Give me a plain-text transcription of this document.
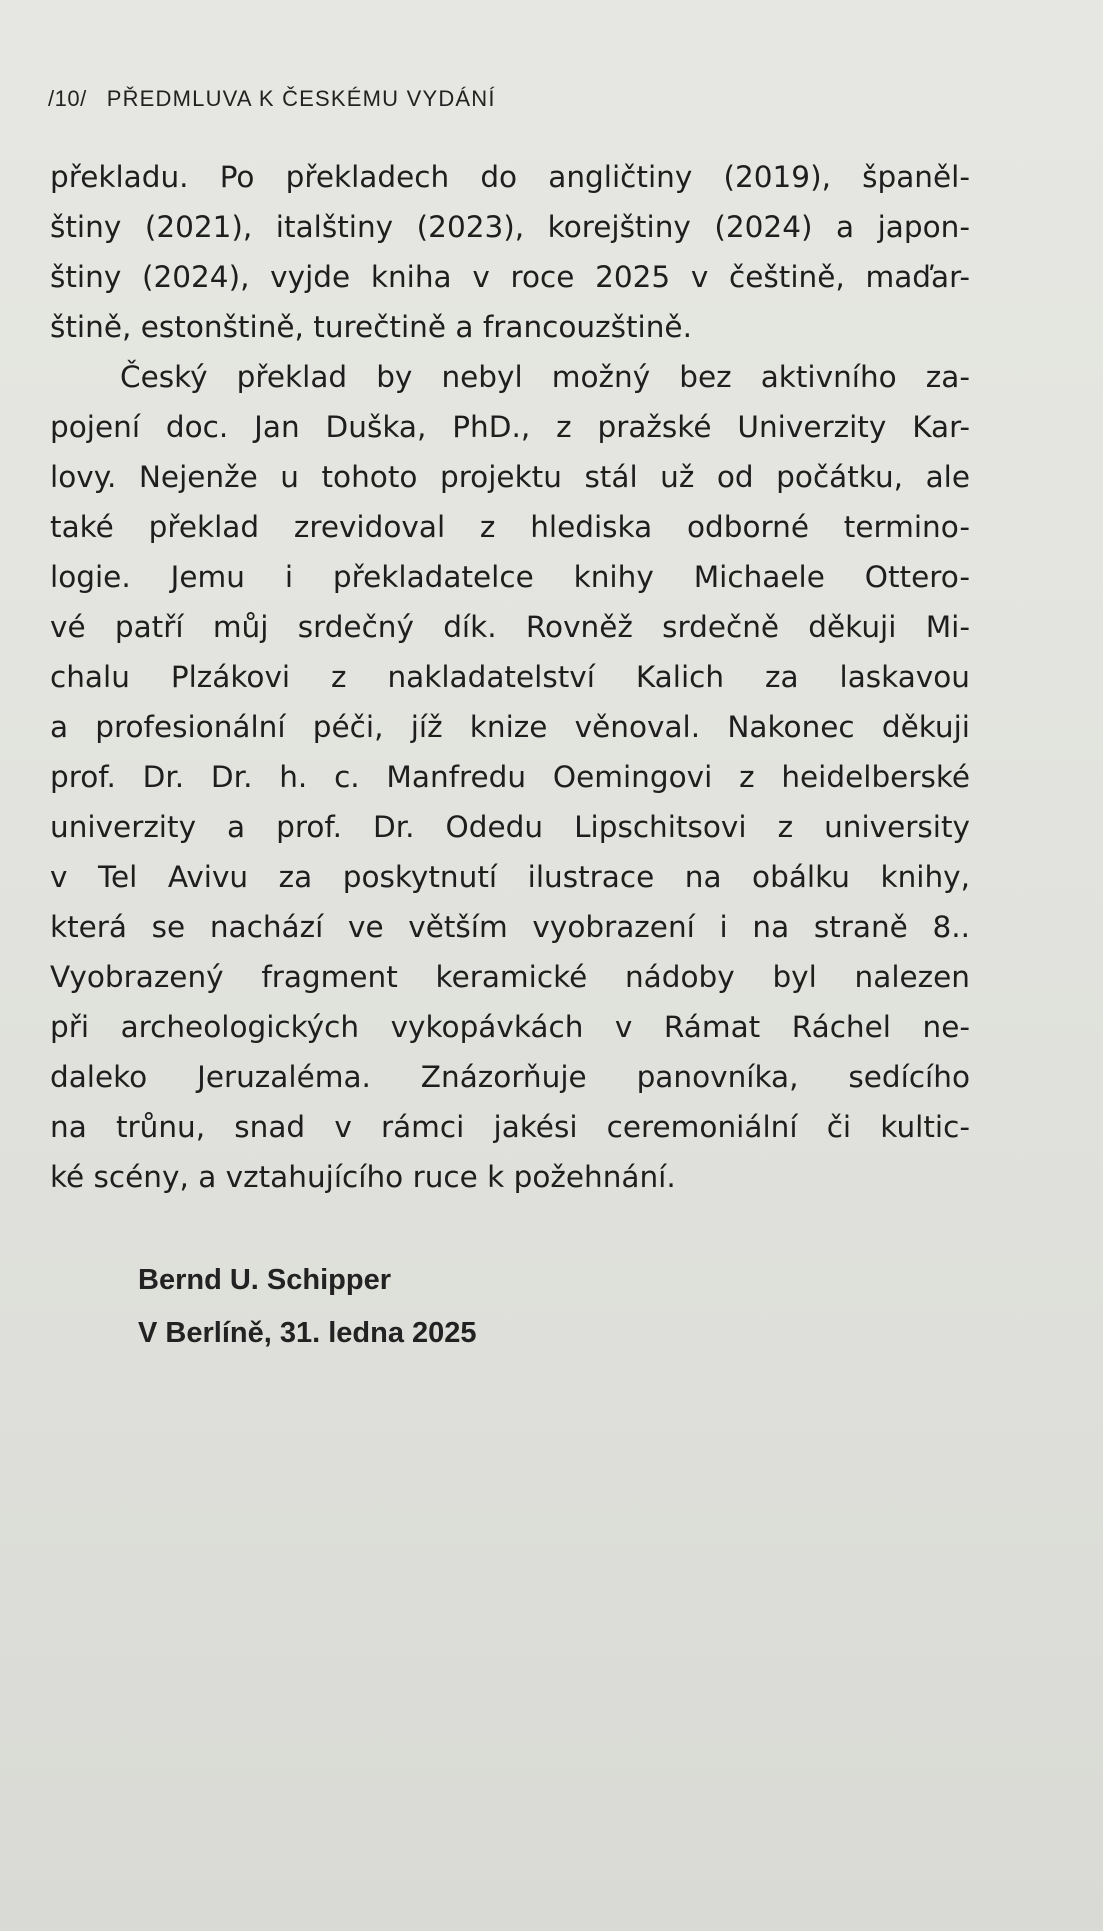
/10/ PŘEDMLUVA K ČESKÉMU VYDÁNÍ
překladu. Po překladech do angličtiny (2019), španěl-
štiny (2021), italštiny (2023), korejštiny (2024) a japon-
štiny (2024), vyjde kniha v roce 2025 v češtině, maďar-
štině, estonštině, turečtině a francouzštině.
Český překlad by nebyl možný bez aktivního za-
pojení doc. Jan Duška, PhD., z pražské Univerzity Kar-
lovy. Nejenže u tohoto projektu stál už od počátku, ale
také překlad zrevidoval z hlediska odborné termino-
logie. Jemu i překladatelce knihy Michaele Ottero-
vé patří můj srdečný dík. Rovněž srdečně děkuji Mi-
chalu Plzákovi z nakladatelství Kalich za laskavou
a profesionální péči, jíž knize věnoval. Nakonec děkuji
prof. Dr. Dr. h. c. Manfredu Oemingovi z heidelberské
univerzity a prof. Dr. Odedu Lipschitsovi z university
v Tel Avivu za poskytnutí ilustrace na obálku knihy,
která se nachází ve větším vyobrazení i na straně 8..
Vyobrazený fragment keramické nádoby byl nalezen
při archeologických vykopávkách v Rámat Ráchel ne-
daleko Jeruzaléma. Znázorňuje panovníka, sedícího
na trůnu, snad v rámci jakési ceremoniální či kultic-
ké scény, a vztahujícího ruce k požehnání.
Bernd U. Schipper
V Berlíně, 31. ledna 2025
